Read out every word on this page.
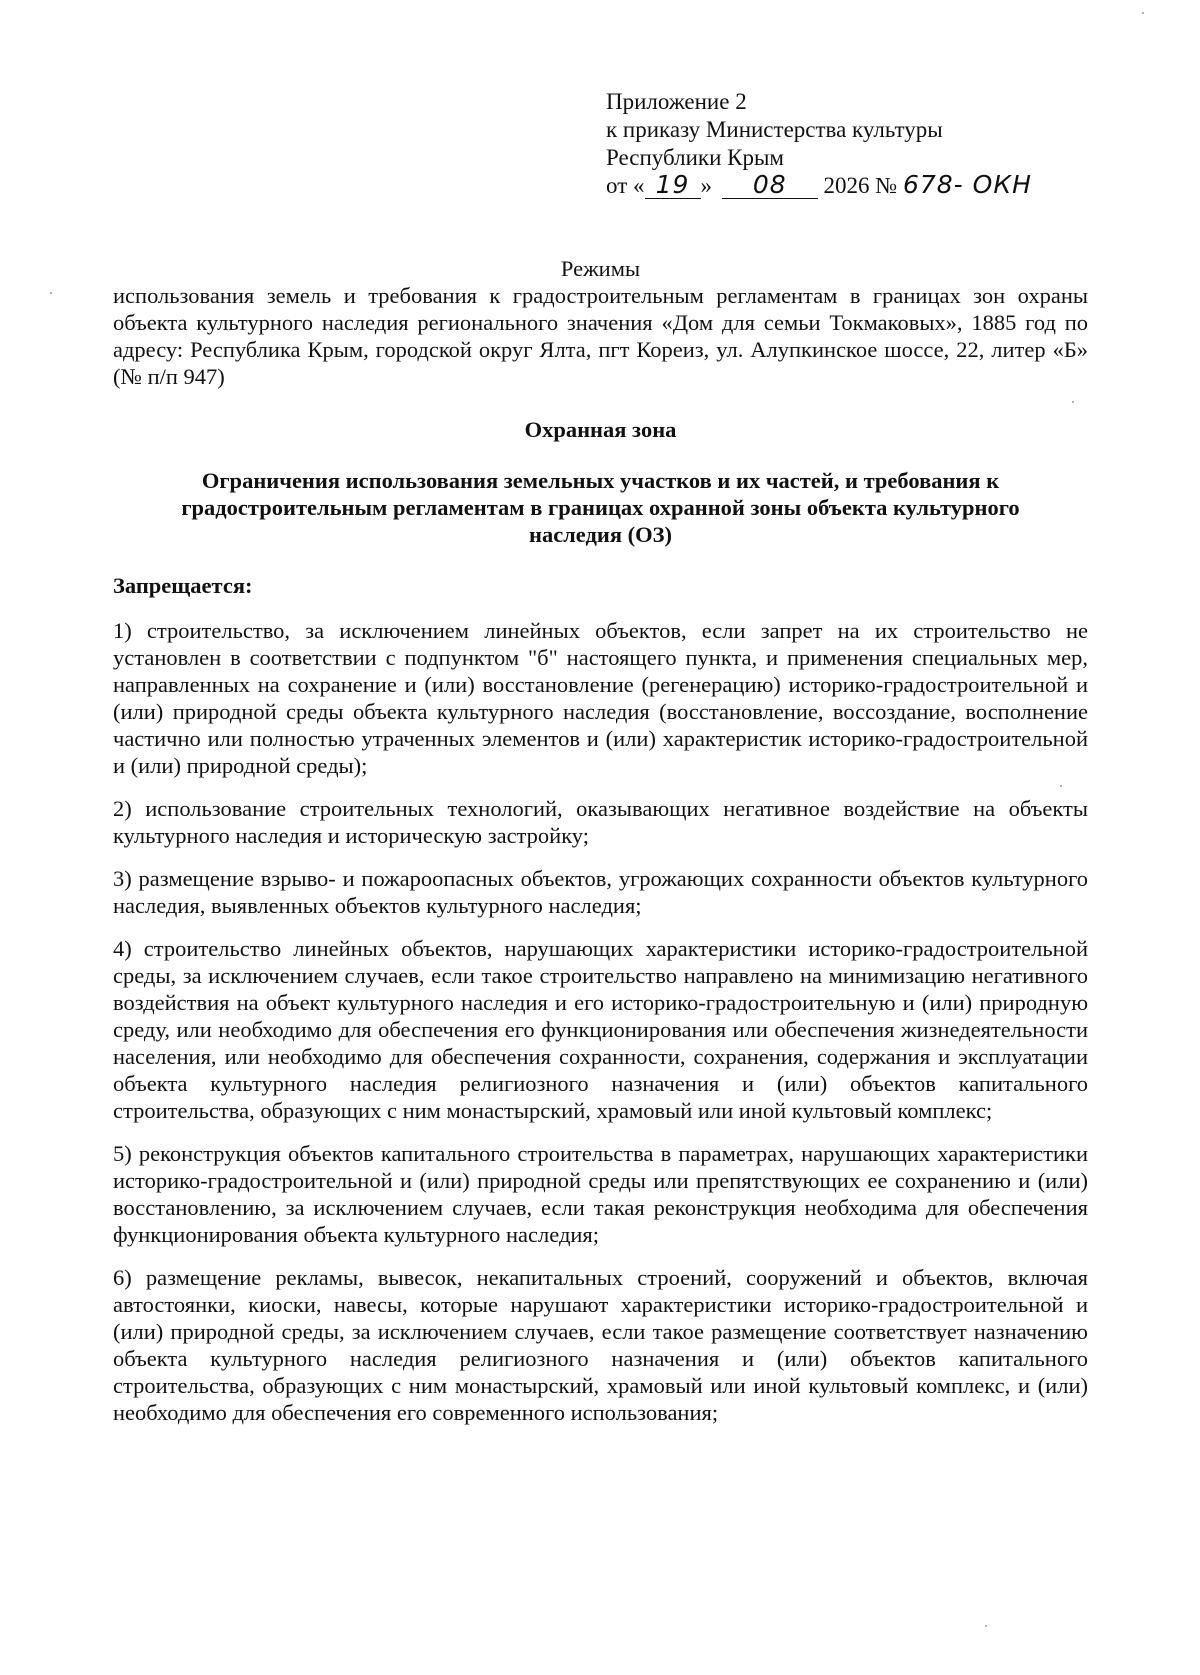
Приложение 2
к приказу Министерства культуры
Республики Крым
от « 19 » 08 2026 № 678- ОКН

Режимы

использования земель и требования к градостроительным регламентам в границах зон охраны объекта культурного наследия регионального значения «Дом для семьи Токмаковых», 1885 год по адресу: Республика Крым, городской округ Ялта, пгт Кореиз, ул. Алупкинское шоссе, 22, литер «Б» (№ п/п 947)

Охранная зона

Ограничения использования земельных участков и их частей, и требования к градостроительным регламентам в границах охранной зоны объекта культурного наследия (ОЗ)

Запрещается:

1) строительство, за исключением линейных объектов, если запрет на их строительство не установлен в соответствии с подпунктом "б" настоящего пункта, и применения специальных мер, направленных на сохранение и (или) восстановление (регенерацию) историко-градостроительной и (или) природной среды объекта культурного наследия (восстановление, воссоздание, восполнение частично или полностью утраченных элементов и (или) характеристик историко-градостроительной и (или) природной среды);

2) использование строительных технологий, оказывающих негативное воздействие на объекты культурного наследия и историческую застройку;

3) размещение взрыво- и пожароопасных объектов, угрожающих сохранности объектов культурного наследия, выявленных объектов культурного наследия;

4) строительство линейных объектов, нарушающих характеристики историко-градостроительной среды, за исключением случаев, если такое строительство направлено на минимизацию негативного воздействия на объект культурного наследия и его историко-градостроительную и (или) природную среду, или необходимо для обеспечения его функционирования или обеспечения жизнедеятельности населения, или необходимо для обеспечения сохранности, сохранения, содержания и эксплуатации объекта культурного наследия религиозного назначения и (или) объектов капитального строительства, образующих с ним монастырский, храмовый или иной культовый комплекс;

5) реконструкция объектов капитального строительства в параметрах, нарушающих характеристики историко-градостроительной и (или) природной среды или препятствующих ее сохранению и (или) восстановлению, за исключением случаев, если такая реконструкция необходима для обеспечения функционирования объекта культурного наследия;

6) размещение рекламы, вывесок, некапитальных строений, сооружений и объектов, включая автостоянки, киоски, навесы, которые нарушают характеристики историко-градостроительной и (или) природной среды, за исключением случаев, если такое размещение соответствует назначению объекта культурного наследия религиозного назначения и (или) объектов капитального строительства, образующих с ним монастырский, храмовый или иной культовый комплекс, и (или) необходимо для обеспечения его современного использования;
